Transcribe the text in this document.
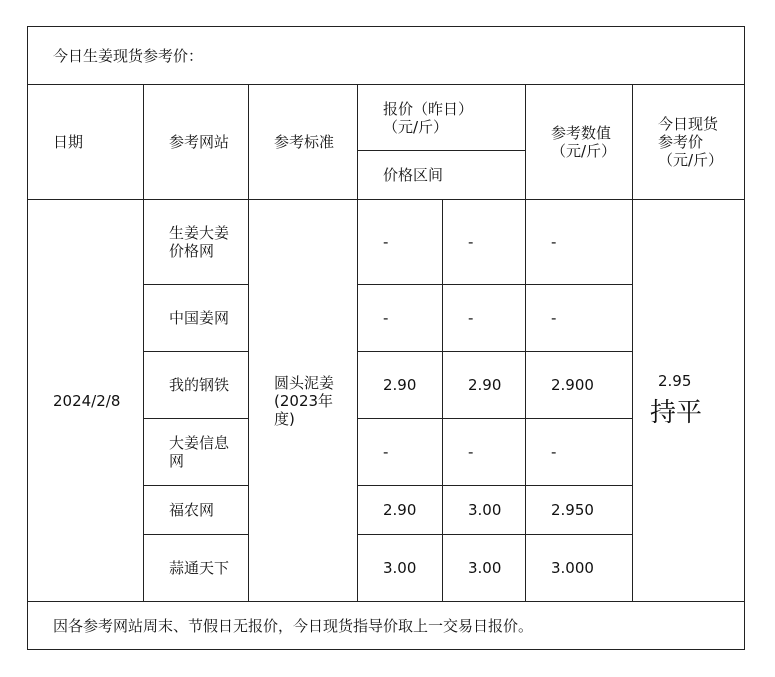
今日生姜现货参考价：						
日期	参考网站	参考标准	报价（昨日）（元/斤）		参考数值（元/斤）	今日现货参考价（元/斤）
			价格区间			
2024/2/8	生姜大姜价格网	圆头泥姜(2023年度)	-	-	-	2.95
持平

	中国姜网		-	-	-	
	我的钢铁		2.90	2.90	2.900	
	大姜信息网		-	-	-	
	福农网		2.90	3.00	2.950	
	蒜通天下		3.00	3.00	3.000	
因各参考网站周末、节假日无报价，今日现货指导价取上一交易日报价。						
